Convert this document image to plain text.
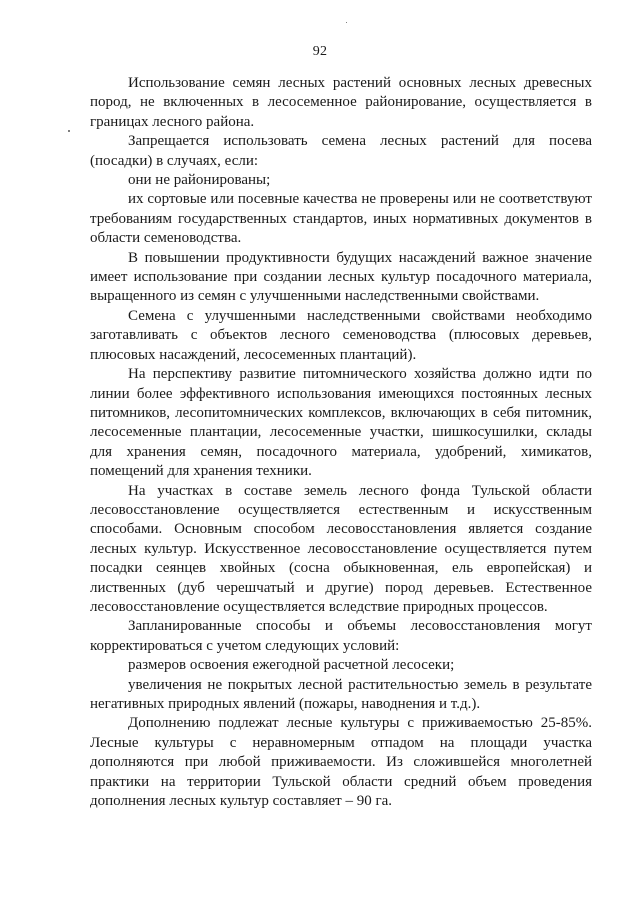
92

Использование семян лесных растений основных лесных древесных пород, не включенных в лесосеменное районирование, осуществляется в границах лесного района.

Запрещается использовать семена лесных растений для посева (посадки) в случаях, если:

они не районированы;

их сортовые или посевные качества не проверены или не соответствуют требованиям государственных стандартов, иных нормативных документов в области семеноводства.

В повышении продуктивности будущих насаждений важное значение имеет использование при создании лесных культур посадочного материала, выращенного из семян с улучшенными наследственными свойствами.

Семена с улучшенными наследственными свойствами необходимо заготавливать с объектов лесного семеноводства (плюсовых деревьев, плюсовых насаждений, лесосеменных плантаций).

На перспективу развитие питомнического хозяйства должно идти по линии более эффективного использования имеющихся постоянных лесных питомников, лесопитомнических комплексов, включающих в себя питомник, лесосеменные плантации, лесосеменные участки, шишкосушилки, склады для хранения семян, посадочного материала, удобрений, химикатов, помещений для хранения техники.

На участках в составе земель лесного фонда Тульской области лесовосстановление осуществляется естественным и искусственным способами. Основным способом лесовосстановления является создание лесных культур. Искусственное лесовосстановление осуществляется путем посадки сеянцев хвойных (сосна обыкновенная, ель европейская) и лиственных (дуб черешчатый и другие) пород деревьев. Естественное лесовосстановление осуществляется вследствие природных процессов.

Запланированные способы и объемы лесовосстановления могут корректироваться с учетом следующих условий:

размеров освоения ежегодной расчетной лесосеки;

увеличения не покрытых лесной растительностью земель в результате негативных природных явлений (пожары, наводнения и т.д.).

Дополнению подлежат лесные культуры с приживаемостью 25-85%. Лесные культуры с неравномерным отпадом на площади участка дополняются при любой приживаемости. Из сложившейся многолетней практики на территории Тульской области средний объем проведения дополнения лесных культур составляет – 90 га.
